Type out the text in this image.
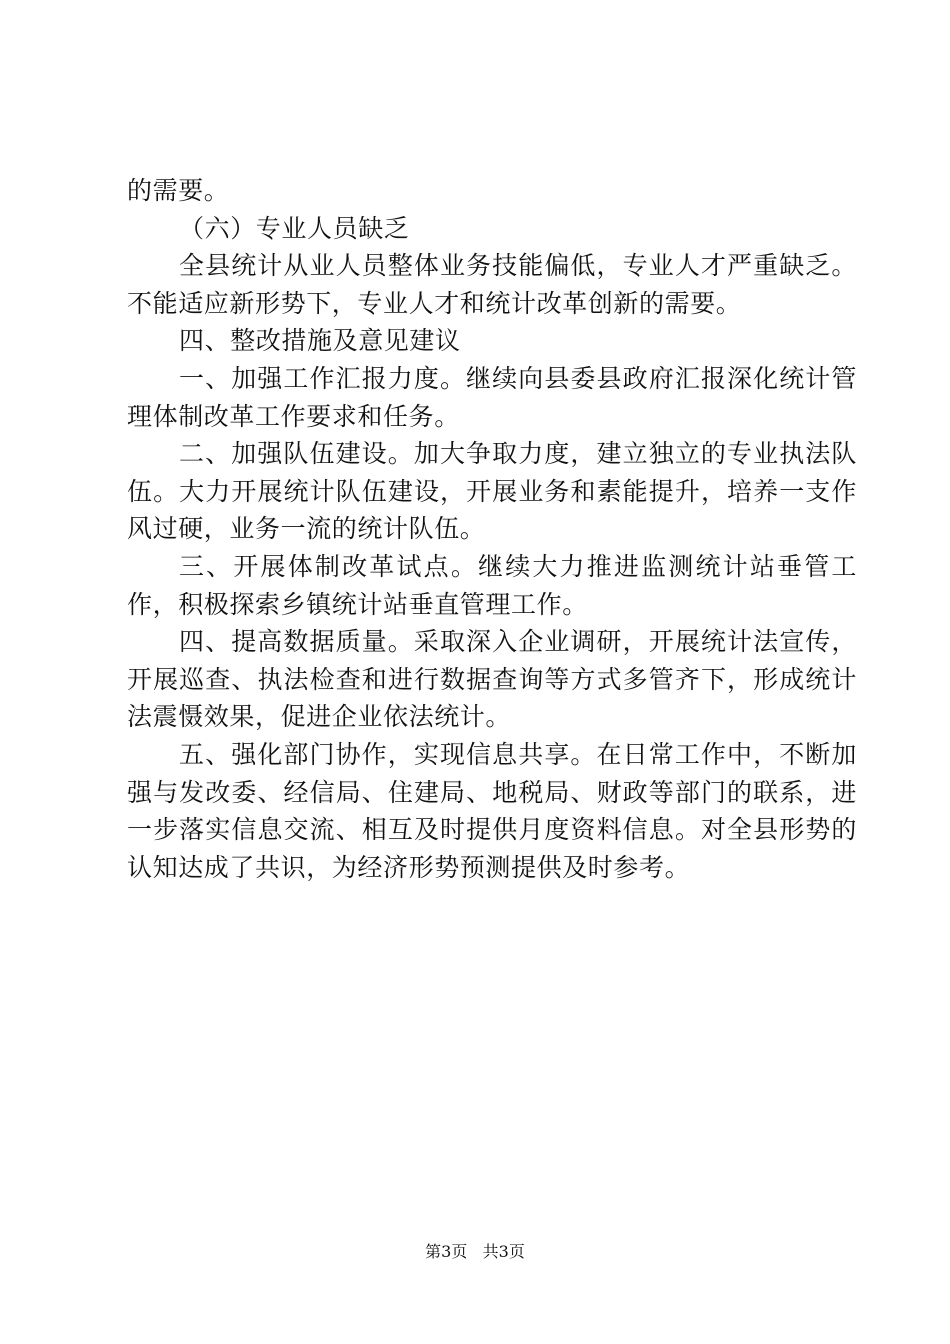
的需要。

（六）专业人员缺乏

全县统计从业人员整体业务技能偏低，专业人才严重缺乏。不能适应新形势下，专业人才和统计改革创新的需要。

四、整改措施及意见建议

一、加强工作汇报力度。继续向县委县政府汇报深化统计管理体制改革工作要求和任务。

二、加强队伍建设。加大争取力度，建立独立的专业执法队伍。大力开展统计队伍建设，开展业务和素能提升，培养一支作风过硬，业务一流的统计队伍。

三、开展体制改革试点。继续大力推进监测统计站垂管工作，积极探索乡镇统计站垂直管理工作。

四、提高数据质量。采取深入企业调研，开展统计法宣传，开展巡查、执法检查和进行数据查询等方式多管齐下，形成统计法震慑效果，促进企业依法统计。

五、强化部门协作，实现信息共享。在日常工作中，不断加强与发改委、经信局、住建局、地税局、财政等部门的联系，进一步落实信息交流、相互及时提供月度资料信息。对全县形势的认知达成了共识，为经济形势预测提供及时参考。

第3页 共3页
